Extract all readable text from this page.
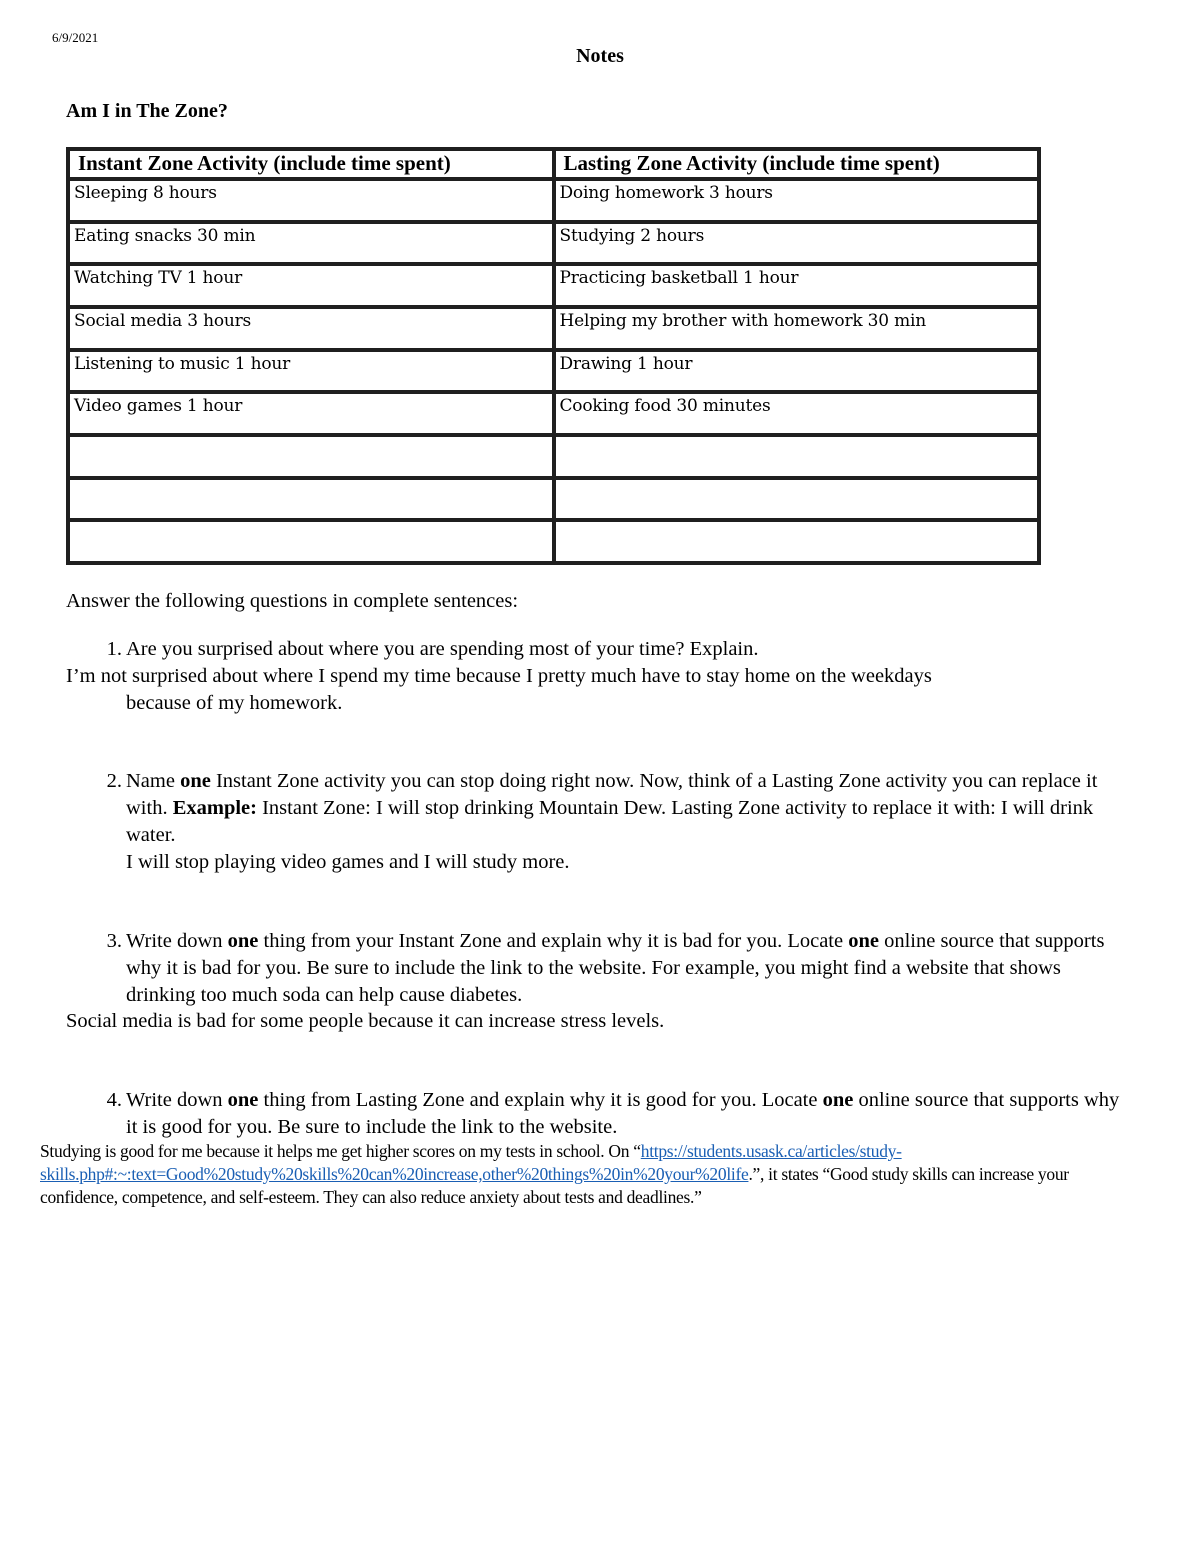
6/9/2021
Notes
Am I in The Zone?
Instant Zone Activity (include time spent)	Lasting Zone Activity (include time spent)
Sleeping 8 hours	Doing homework 3 hours
Eating snacks 30 min	Studying 2 hours
Watching TV 1 hour	Practicing basketball 1 hour
Social media 3 hours	Helping my brother with homework 30 min
Listening to music 1 hour	Drawing 1 hour
Video games 1 hour	Cooking food 30 minutes

Answer the following questions in complete sentences:
1. Are you surprised about where you are spending most of your time? Explain.
I’m not surprised about where I spend my time because I pretty much have to stay home on the weekdays
because of my homework.
2. Name one Instant Zone activity you can stop doing right now. Now, think of a Lasting Zone activity you can replace it with. Example: Instant Zone: I will stop drinking Mountain Dew. Lasting Zone activity to replace it with: I will drink water.
I will stop playing video games and I will study more.
3. Write down one thing from your Instant Zone and explain why it is bad for you. Locate one online source that supports why it is bad for you. Be sure to include the link to the website. For example, you might find a website that shows drinking too much soda can help cause diabetes.
Social media is bad for some people because it can increase stress levels.
4. Write down one thing from Lasting Zone and explain why it is good for you. Locate one online source that supports why it is good for you. Be sure to include the link to the website.
Studying is good for me because it helps me get higher scores on my tests in school. On “https://students.usask.ca/articles/study-skills.php#:~:text=Good%20study%20skills%20can%20increase,other%20things%20in%20your%20life.”, it states “Good study skills can increase your confidence, competence, and self-esteem. They can also reduce anxiety about tests and deadlines.”
